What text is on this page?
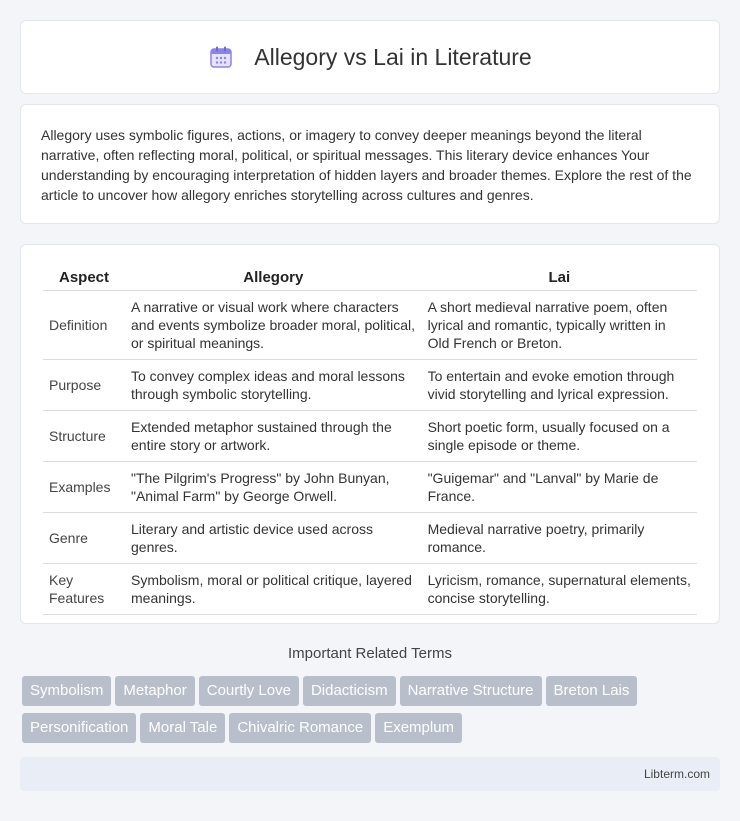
Allegory vs Lai in Literature

Allegory uses symbolic figures, actions, or imagery to convey deeper meanings beyond the literal narrative, often reflecting moral, political, or spiritual messages. This literary device enhances Your understanding by encouraging interpretation of hidden layers and broader themes. Explore the rest of the article to uncover how allegory enriches storytelling across cultures and genres.

Aspect	Allegory	Lai
Definition	A narrative or visual work where characters and events symbolize broader moral, political, or spiritual meanings.	A short medieval narrative poem, often lyrical and romantic, typically written in Old French or Breton.
Purpose	To convey complex ideas and moral lessons through symbolic storytelling.	To entertain and evoke emotion through vivid storytelling and lyrical expression.
Structure	Extended metaphor sustained through the entire story or artwork.	Short poetic form, usually focused on a single episode or theme.
Examples	"The Pilgrim's Progress" by John Bunyan, "Animal Farm" by George Orwell.	"Guigemar" and "Lanval" by Marie de France.
Genre	Literary and artistic device used across genres.	Medieval narrative poetry, primarily romance.
Key Features	Symbolism, moral or political critique, layered meanings.	Lyricism, romance, supernatural elements, concise storytelling.
Important Related Terms
Symbolism Metaphor Courtly Love Didacticism Narrative Structure Breton Lais
Personification Moral Tale Chivalric Romance Exemplum
Libterm.com
